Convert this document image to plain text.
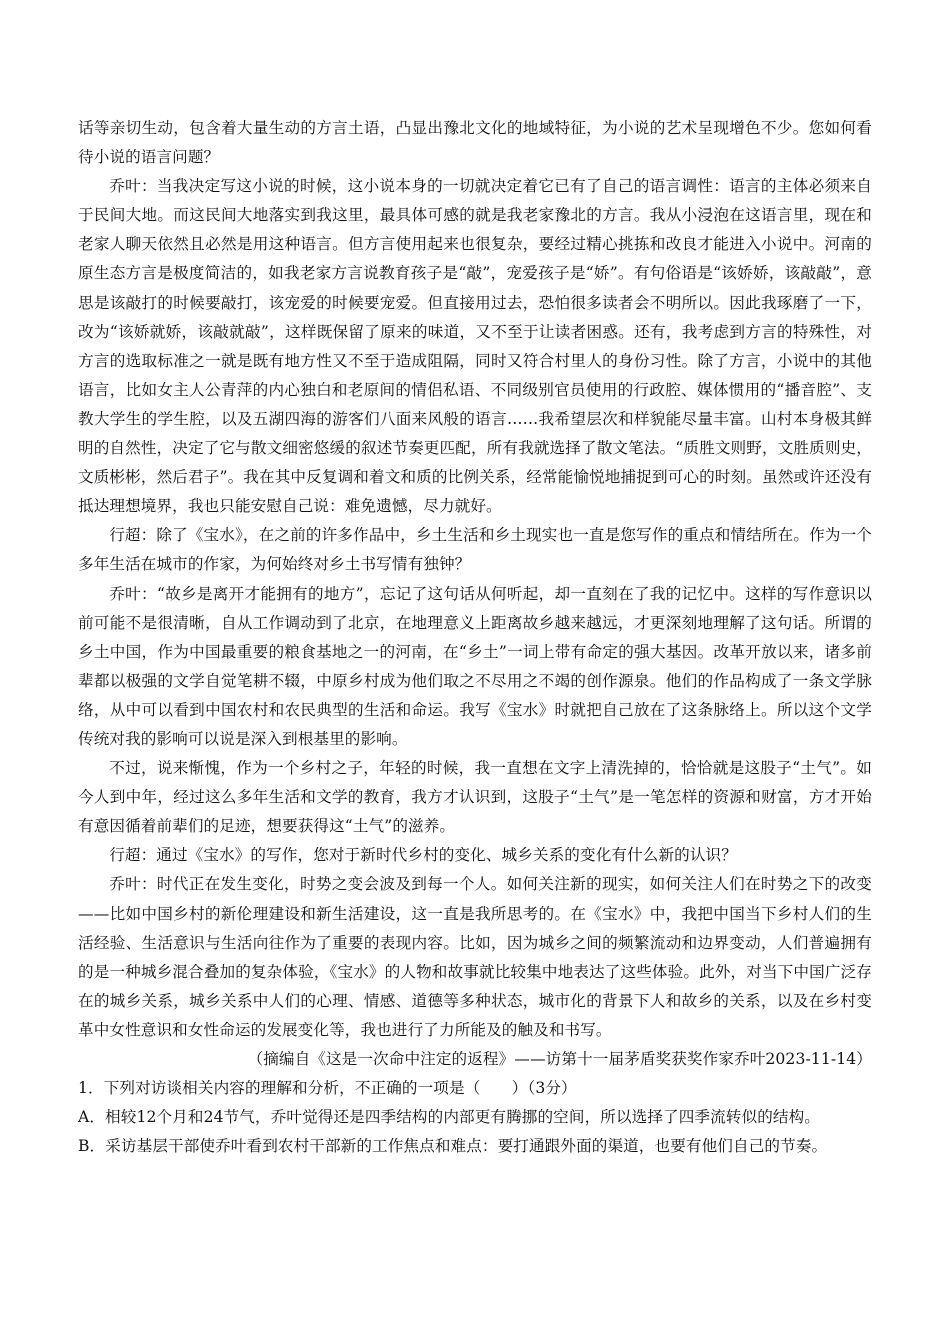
话等亲切生动，包含着大量生动的方言土语，凸显出豫北文化的地域特征，为小说的艺术呈现增色不少。您如何看待小说的语言问题？

乔叶：当我决定写这小说的时候，这小说本身的一切就决定着它已有了自己的语言调性：语言的主体必须来自于民间大地。而这民间大地落实到我这里，最具体可感的就是我老家豫北的方言。我从小浸泡在这语言里，现在和老家人聊天依然且必然是用这种语言。但方言使用起来也很复杂，要经过精心挑拣和改良才能进入小说中。河南的原生态方言是极度简洁的，如我老家方言说教育孩子是“敲”，宠爱孩子是“娇”。有句俗语是“该娇娇，该敲敲”，意思是该敲打的时候要敲打，该宠爱的时候要宠爱。但直接用过去，恐怕很多读者会不明所以。因此我琢磨了一下，改为“该娇就娇，该敲就敲”，这样既保留了原来的味道，又不至于让读者困惑。还有，我考虑到方言的特殊性，对方言的选取标准之一就是既有地方性又不至于造成阻隔，同时又符合村里人的身份习性。除了方言，小说中的其他语言，比如女主人公青萍的内心独白和老原间的情侣私语、不同级别官员使用的行政腔、媒体惯用的“播音腔”、支教大学生的学生腔，以及五湖四海的游客们八面来风般的语言……我希望层次和样貌能尽量丰富。山村本身极其鲜明的自然性，决定了它与散文细密悠缓的叙述节奏更匹配，所有我就选择了散文笔法。“质胜文则野，文胜质则史，文质彬彬，然后君子”。我在其中反复调和着文和质的比例关系，经常能愉悦地捕捉到可心的时刻。虽然或许还没有抵达理想境界，我也只能安慰自己说：难免遗憾，尽力就好。

行超：除了《宝水》，在之前的许多作品中，乡土生活和乡土现实也一直是您写作的重点和情结所在。作为一个多年生活在城市的作家，为何始终对乡土书写情有独钟？

乔叶：“故乡是离开才能拥有的地方”，忘记了这句话从何听起，却一直刻在了我的记忆中。这样的写作意识以前可能不是很清晰，自从工作调动到了北京，在地理意义上距离故乡越来越远，才更深刻地理解了这句话。所谓的乡土中国，作为中国最重要的粮食基地之一的河南，在“乡土”一词上带有命定的强大基因。改革开放以来，诸多前辈都以极强的文学自觉笔耕不辍，中原乡村成为他们取之不尽用之不竭的创作源泉。他们的作品构成了一条文学脉络，从中可以看到中国农村和农民典型的生活和命运。我写《宝水》时就把自己放在了这条脉络上。所以这个文学传统对我的影响可以说是深入到根基里的影响。

不过，说来惭愧，作为一个乡村之子，年轻的时候，我一直想在文字上清洗掉的，恰恰就是这股子“土气”。如今人到中年，经过这么多年生活和文学的教育，我方才认识到，这股子“土气”是一笔怎样的资源和财富，方才开始有意因循着前辈们的足迹，想要获得这“土气”的滋养。

行超：通过《宝水》的写作，您对于新时代乡村的变化、城乡关系的变化有什么新的认识？

乔叶：时代正在发生变化，时势之变会波及到每一个人。如何关注新的现实，如何关注人们在时势之下的改变——比如中国乡村的新伦理建设和新生活建设，这一直是我所思考的。在《宝水》中，我把中国当下乡村人们的生活经验、生活意识与生活向往作为了重要的表现内容。比如，因为城乡之间的频繁流动和边界变动，人们普遍拥有的是一种城乡混合叠加的复杂体验，《宝水》的人物和故事就比较集中地表达了这些体验。此外，对当下中国广泛存在的城乡关系，城乡关系中人们的心理、情感、道德等多种状态，城市化的背景下人和故乡的关系，以及在乡村变革中女性意识和女性命运的发展变化等，我也进行了力所能及的触及和书写。

（摘编自《这是一次命中注定的返程》——访第十一届茅盾奖获奖作家乔叶2023-11-14）

1．下列对访谈相关内容的理解和分析，不正确的一项是（　　）（3分）

A．相较12个月和24节气，乔叶觉得还是四季结构的内部更有腾挪的空间，所以选择了四季流转似的结构。

B．采访基层干部使乔叶看到农村干部新的工作焦点和难点：要打通跟外面的渠道，也要有他们自己的节奏。
